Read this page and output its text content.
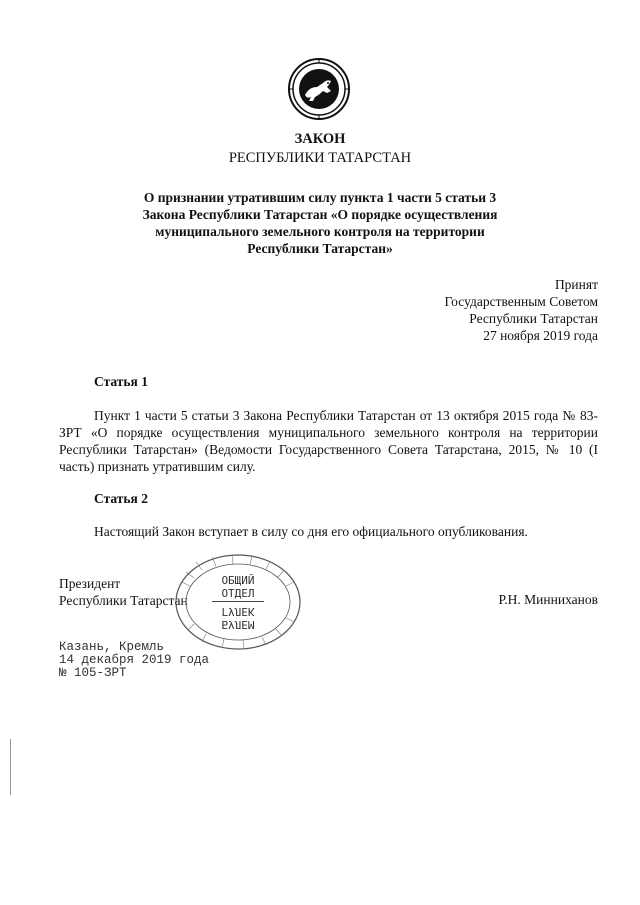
ЗАКОН
РЕСПУБЛИКИ ТАТАРСТАН
О признании утратившим силу пункта 1 части 5 статьи 3
Закона Республики Татарстан «О порядке осуществления
муниципального земельного контроля на территории
Республики Татарстан»
Принят
Государственным Советом
Республики Татарстан
27 ноября 2019 года
Статья 1
Пункт 1 части 5 статьи 3 Закона Республики Татарстан от 13 октября 2015 года № 83-ЗРТ «О порядке осуществления муниципального земельного контроля на территории Республики Татарстан» (Ведомости Государственного Совета Татарстана, 2015, № 10 (I часть) признать утратившим силу.
Статья 2
Настоящий Закон вступает в силу со дня его официального опубликования.
Президент
Республики Татарстан	Р.Н. Минниханов
ОБЩИЙ
ОТДЕЛ
ГУЛЕК
БУЛЕМ
Казань, Кремль
14 декабря 2019 года
№ 105-ЗРТ
